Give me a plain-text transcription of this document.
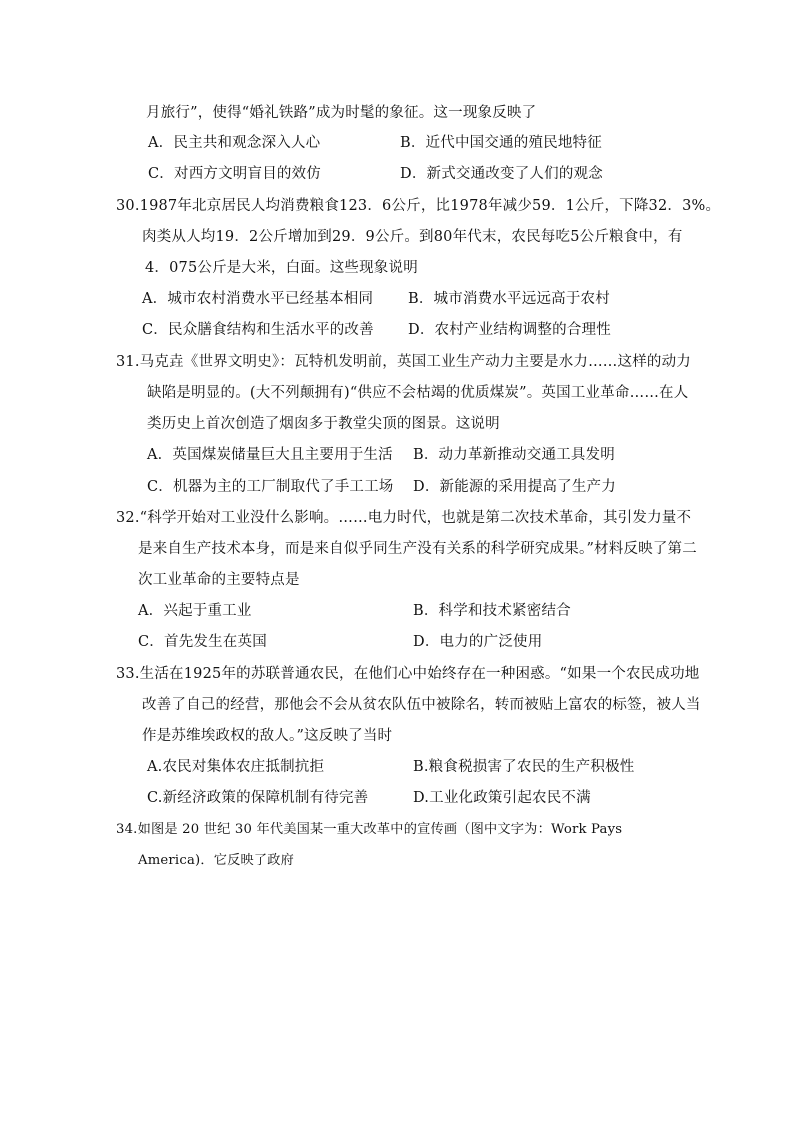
月旅行”，使得“婚礼铁路”成为时髦的象征。这一现象反映了
A．民主共和观念深入人心	B．近代中国交通的殖民地特征
C．对西方文明盲目的效仿	D．新式交通改变了人们的观念
30.1987年北京居民人均消费粮食123．6公斤，比1978年减少59．1公斤，下降32．3%。
肉类从人均19．2公斤增加到29．9公斤。到80年代末，农民每吃5公斤粮食中，有
4．075公斤是大米，白面。这些现象说明
A．城市农村消费水平已经基本相同 B．城市消费水平远远高于农村
C．民众膳食结构和生活水平的改善 D．农村产业结构调整的合理性
31.马克垚《世界文明史》：瓦特机发明前，英国工业生产动力主要是水力……这样的动力
缺陷是明显的。(大不列颠拥有)“供应不会枯竭的优质煤炭”。英国工业革命……在人
类历史上首次创造了烟囱多于教堂尖顶的图景。这说明
A．英国煤炭储量巨大且主要用于生活 B．动力革新推动交通工具发明
C．机器为主的工厂制取代了手工工场 D．新能源的采用提高了生产力
32.“科学开始对工业没什么影响。……电力时代，也就是第二次技术革命，其引发力量不
是来自生产技术本身，而是来自似乎同生产没有关系的科学研究成果。”材料反映了第二
次工业革命的主要特点是
A．兴起于重工业	B．科学和技术紧密结合
C．首先发生在英国	D．电力的广泛使用
33.生活在1925年的苏联普通农民，在他们心中始终存在一种困惑。“如果一个农民成功地
改善了自己的经营，那他会不会从贫农队伍中被除名，转而被贴上富农的标签，被人当
作是苏维埃政权的敌人。”这反映了当时
A.农民对集体农庄抵制抗拒	B.粮食税损害了农民的生产积极性
C.新经济政策的保障机制有待完善	D.工业化政策引起农民不满
34.如图是 20 世纪 30 年代美国某一重大改革中的宣传画（图中文字为：Work Pays
America)．它反映了政府
